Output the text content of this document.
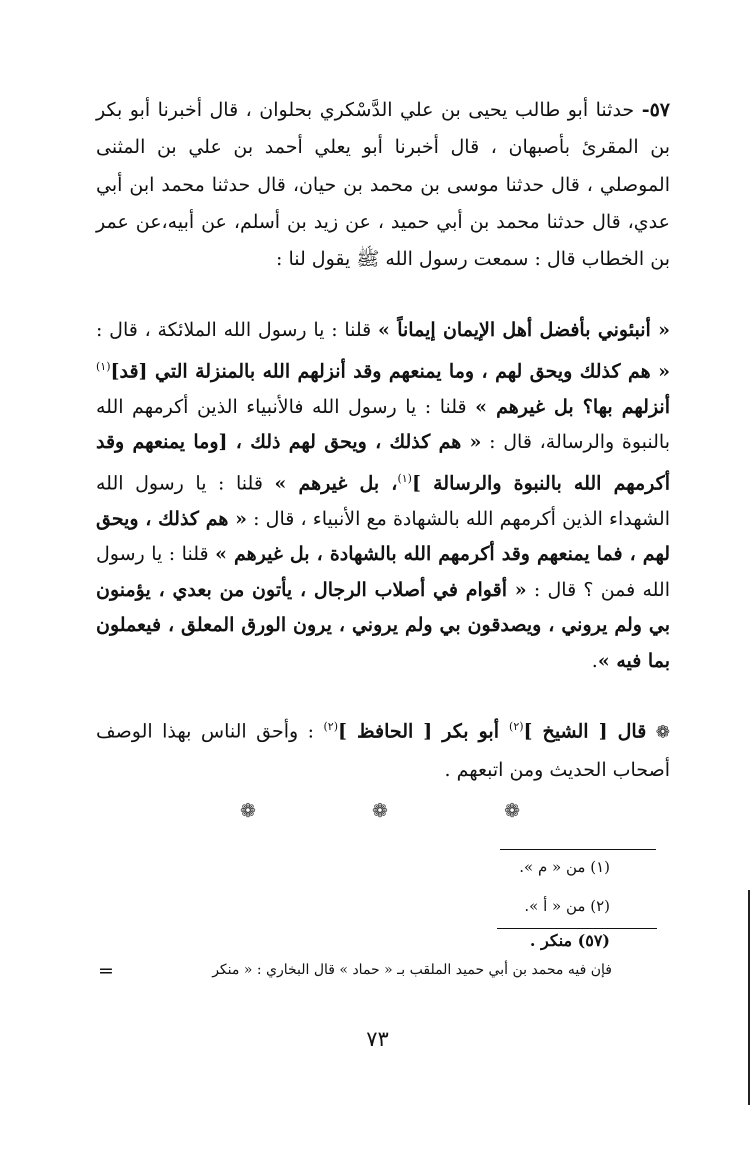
٥٧- حدثنا أبو طالب يحيى بن علي الدَّسْكري بحلوان ، قال أخبرنا أبو بكر بن المقرئ بأصبهان ، قال أخبرنا أبو يعلي أحمد بن علي بن المثنى الموصلي ، قال حدثنا موسى بن محمد بن حيان، قال حدثنا محمد ابن أبي عدي، قال حدثنا محمد بن أبي حميد ، عن زيد بن أسلم، عن أبيه،عن عمر بن الخطاب قال : سمعت رسول الله ﷺ يقول لنا :

« أنبئوني بأفضل أهل الإيمان إيماناً » قلنا : يا رسول الله الملائكة ، قال : « هم كذلك ويحق لهم ، وما يمنعهم وقد أنزلهم الله بالمنزلة التي [قد]$^{(١)}$ أنزلهم بها؟ بل غيرهم » قلنا : يا رسول الله فالأنبياء الذين أكرمهم الله بالنبوة والرسالة، قال : « هم كذلك ، ويحق لهم ذلك ، [وما يمنعهم وقد أكرمهم الله بالنبوة والرسالة ]$^{(١)}$، بل غيرهم » قلنا : يا رسول الله الشهداء الذين أكرمهم الله بالشهادة مع الأنبياء ، قال : « هم كذلك ، ويحق لهم ، فما يمنعهم وقد أكرمهم الله بالشهادة ، بل غيرهم » قلنا : يا رسول الله فمن ؟ قال : « أقوام في أصلاب الرجال ، يأتون من بعدي ، يؤمنون بي ولم يروني ، ويصدقون بي ولم يروني ، يرون الورق المعلق ، فيعملون بما فيه ».

❁ قال [ الشيخ ]$^{(٢)}$ أبو بكر [ الحافظ ]$^{(٢)}$ : وأحق الناس بهذا الوصف أصحاب الحديث ومن اتبعهم .

❁	❁	❁
(١) من « م ».
(٢) من « أ ».
(٥٧) منكر .
فإن فيه محمد بن أبي حميد الملقب بـ « حماد » قال البخاري : « منكر
=
٧٣
